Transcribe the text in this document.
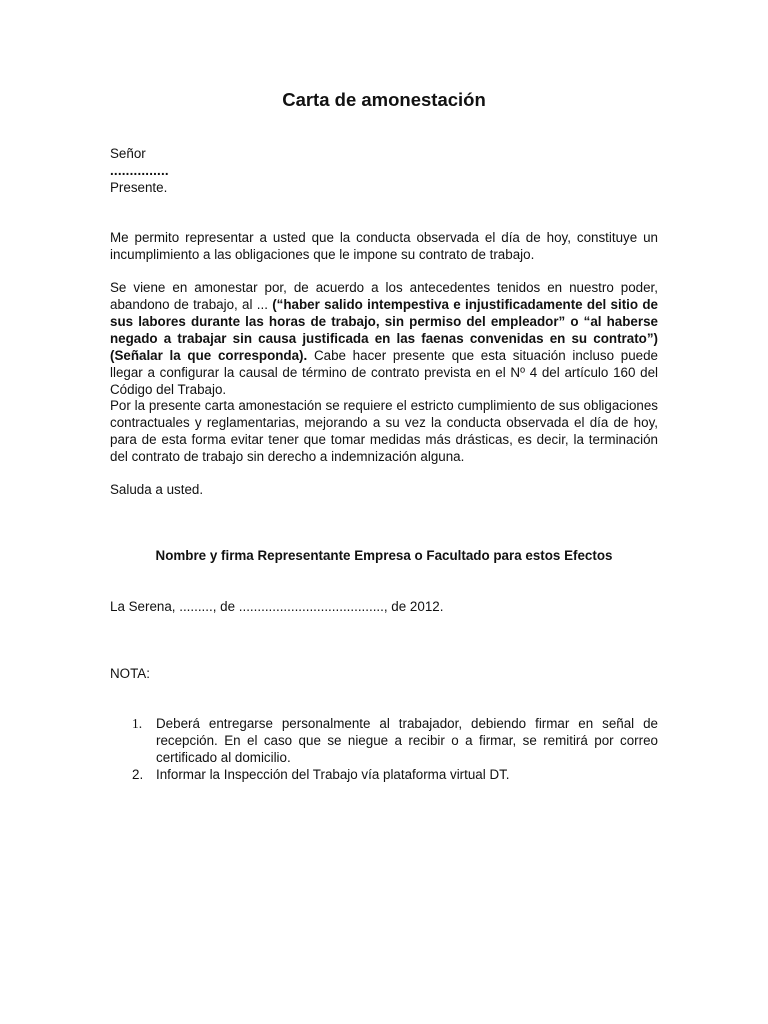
Carta de amonestación
Señor
...............
Presente.

Me permito representar a usted que la conducta observada el día de hoy, constituye un incumplimiento a las obligaciones que le impone su contrato de trabajo.

Se viene en amonestar por, de acuerdo a los antecedentes tenidos en nuestro poder, abandono de trabajo, al ... (“haber salido intempestiva e injustificadamente del sitio de sus labores durante las horas de trabajo, sin permiso del empleador” o “al haberse negado a trabajar sin causa justificada en las faenas convenidas en su contrato”) (Señalar la que corresponda). Cabe hacer presente que esta situación incluso puede llegar a configurar la causal de término de contrato prevista en el Nº 4 del artículo 160 del Código del Trabajo.

Por la presente carta amonestación se requiere el estricto cumplimiento de sus obligaciones contractuales y reglamentarias, mejorando a su vez la conducta observada el día de hoy, para de esta forma evitar tener que tomar medidas más drásticas, es decir, la terminación del contrato de trabajo sin derecho a indemnización alguna.

Saluda a usted.

Nombre y firma Representante Empresa o Facultado para estos Efectos
La Serena, ........., de ......................................., de 2012.
NOTA:
1.	Deberá entregarse personalmente al trabajador, debiendo firmar en señal de recepción. En el caso que se niegue a recibir o a firmar, se remitirá por correo certificado al domicilio.
2. Informar la Inspección del Trabajo vía plataforma virtual DT.
